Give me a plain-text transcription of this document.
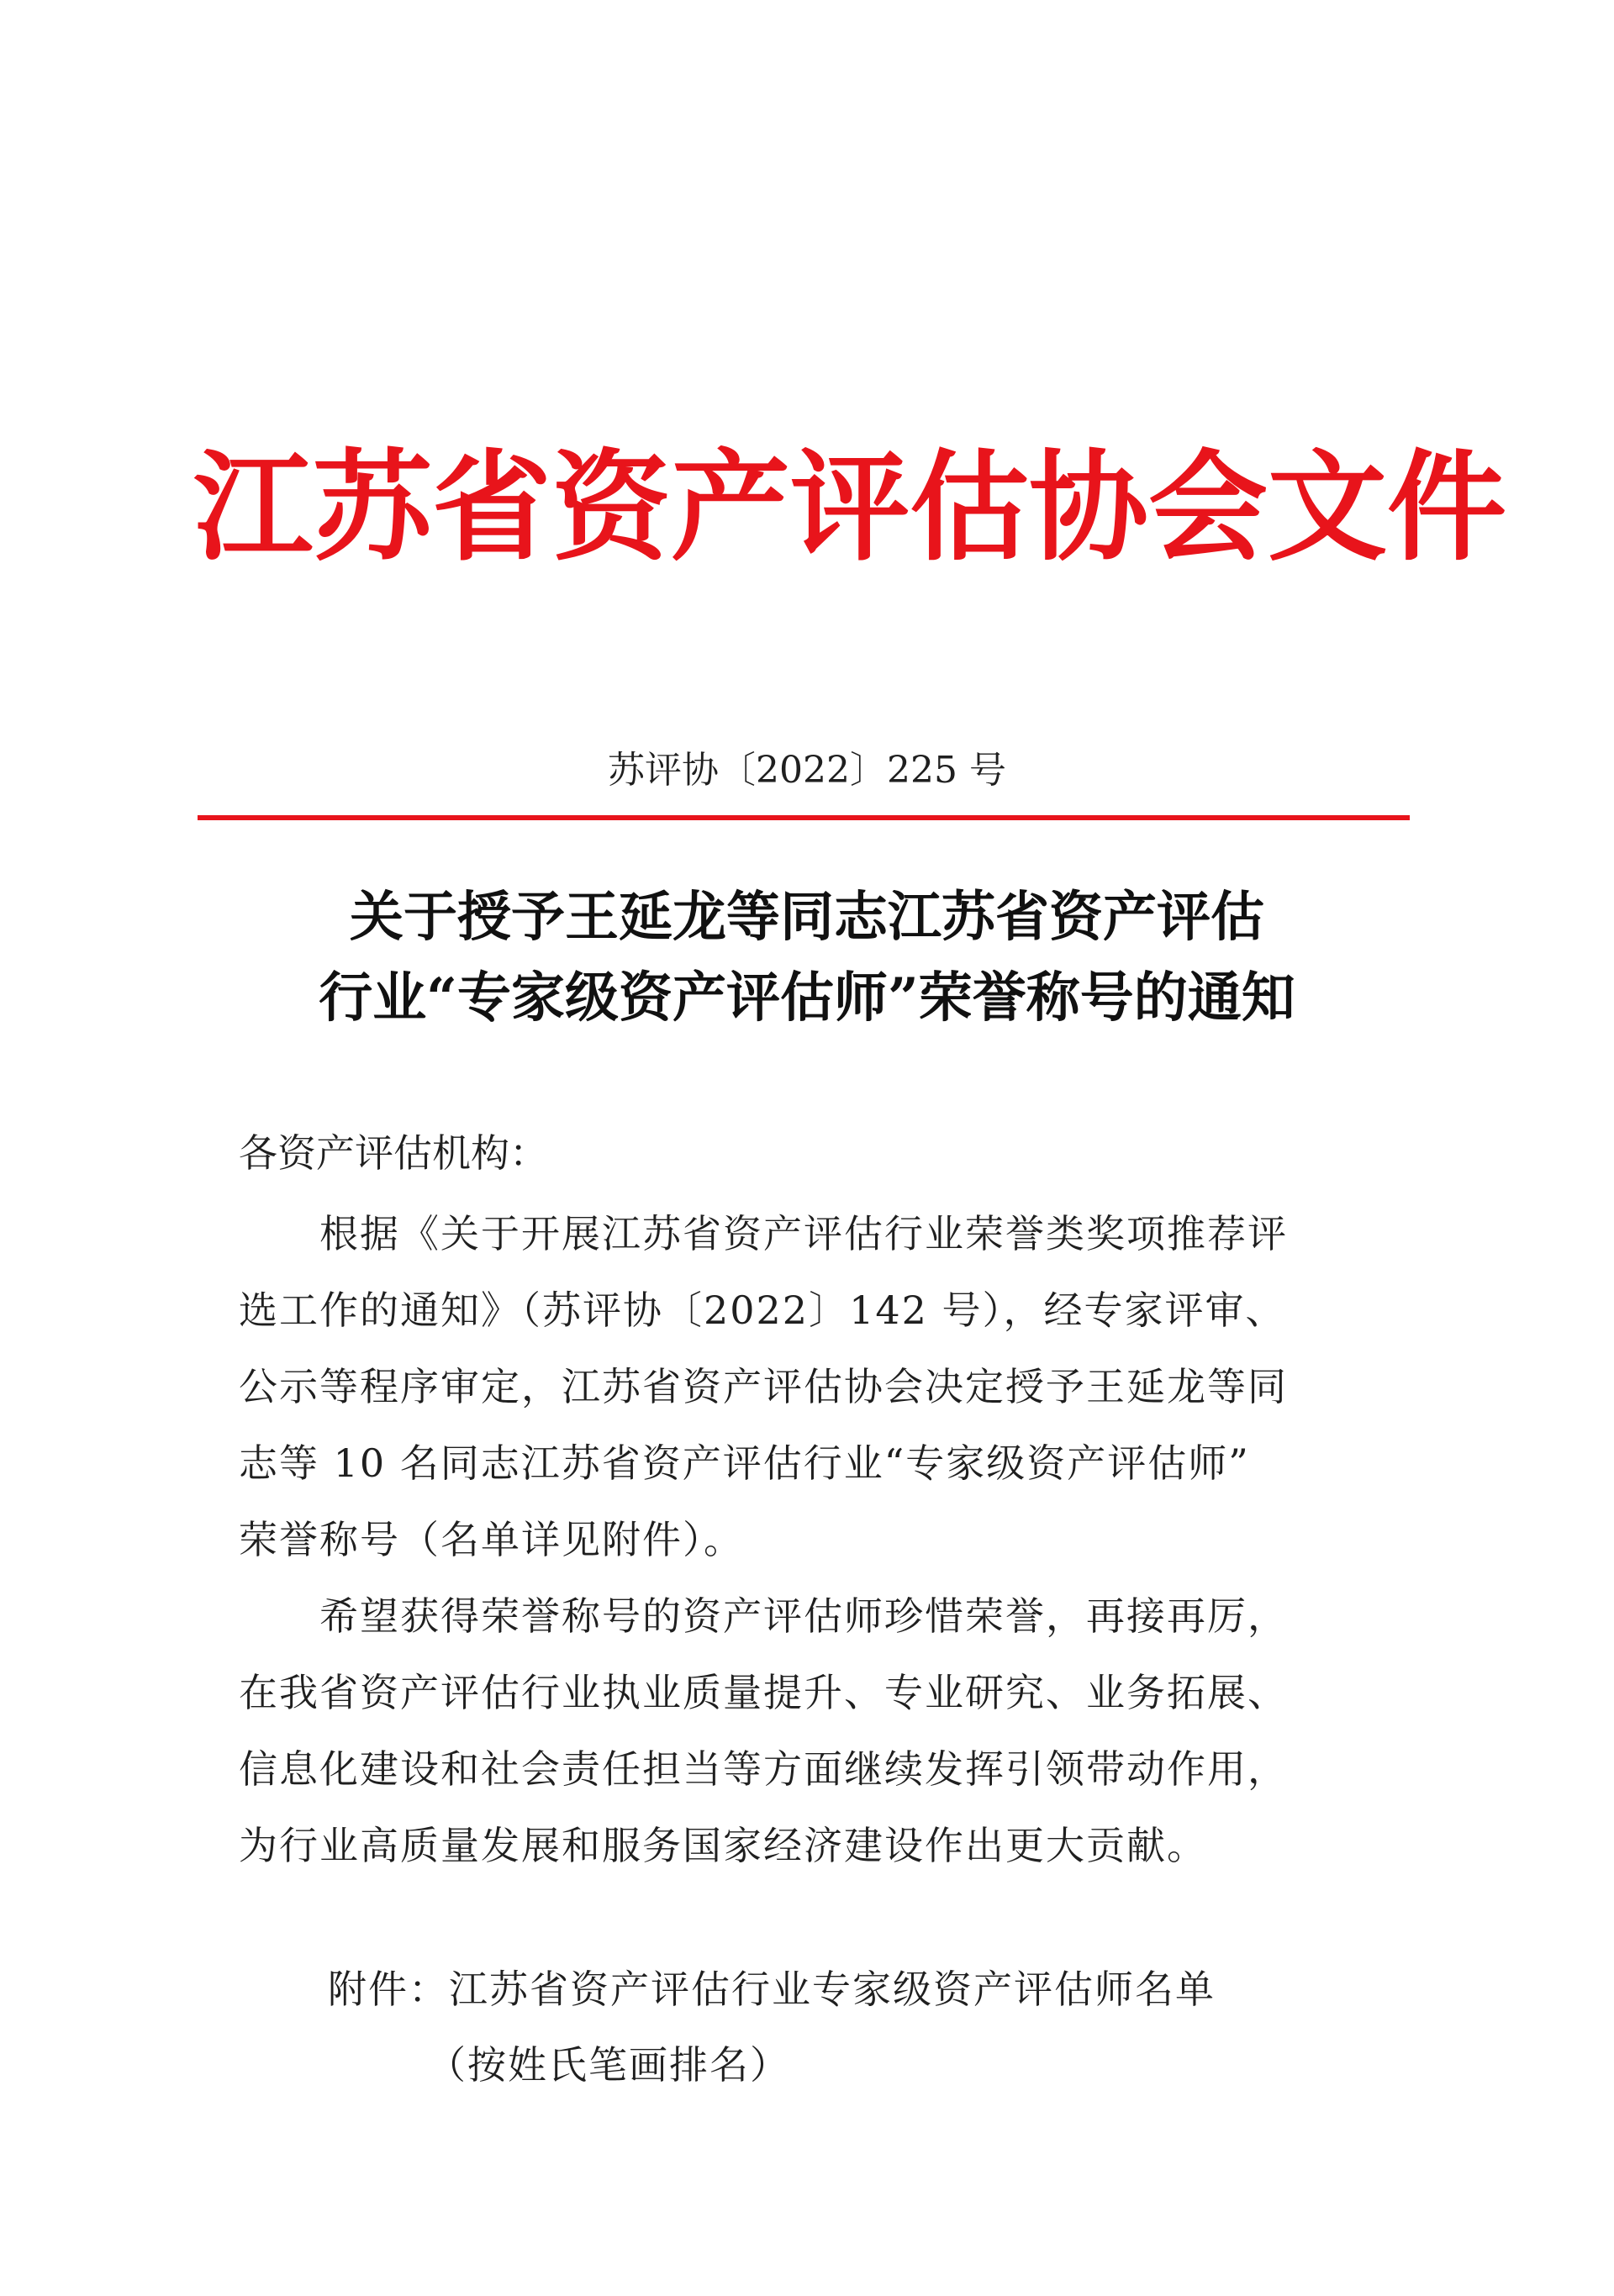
江苏省资产评估协会文件
苏评协〔2022〕225 号
关于授予王延龙等同志江苏省资产评估
行业“专家级资产评估师”荣誉称号的通知
各资产评估机构：
　　根据《关于开展江苏省资产评估行业荣誉类奖项推荐评
选工作的通知》（苏评协〔2022〕142 号），经专家评审、
公示等程序审定，江苏省资产评估协会决定授予王延龙等同
志等 10 名同志江苏省资产评估行业“专家级资产评估师”
荣誉称号（名单详见附件）。
　　希望获得荣誉称号的资产评估师珍惜荣誉，再接再厉，
在我省资产评估行业执业质量提升、专业研究、业务拓展、
信息化建设和社会责任担当等方面继续发挥引领带动作用，
为行业高质量发展和服务国家经济建设作出更大贡献。
附件：江苏省资产评估行业专家级资产评估师名单
（按姓氏笔画排名）
